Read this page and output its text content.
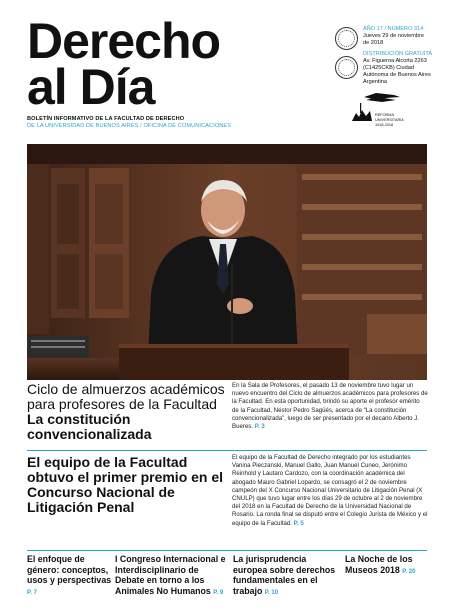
Derecho
al Día
BOLETÍN INFORMATIVO DE LA FACULTAD DE DERECHO
DE LA UNIVERSIDAD DE BUENOS AIRES / OFICINA DE COMUNICACIONES
AÑO 17 / NÚMERO 314
Jueves 29 de noviembre
de 2018
DISTRIBUCIÓN GRATUITA
Av. Figueroa Alcorta 2263
(C1425CKB) Ciudad
Autónoma de Buenos Aires
Argentina
REFORMA
UNIVERSITARIA
1918-2018
Ciclo de almuerzos académicos
para profesores de la Facultad
La constitución
convencionalizada
En la Sala de Profesores, el pasado 13 de noviembre tuvo lugar un nuevo encuentro del Ciclo de almuerzos académicos para profesores de la Facultad. En esta oportunidad, brindó su aporte el profesor emérito de la Facultad, Néstor Pedro Sagüés, acerca de “La constitución convencionalizada”, luego de ser presentado por el decano Alberto J. Bueres. P. 3
El equipo de la Facultad obtuvo el primer premio en el Concurso Nacional de Litigación Penal
El equipo de la Facultad de Derecho integrado por los estudiantes Vanina Pieczanski, Manuel Gallo, Juan Manuel Cuneo, Jerónimo Reinhold y Lautaro Cardozo, con la coordinación académica del abogado Mauro Gabriel Lopardo, se consagró el 2 de noviembre campeón del X Concurso Nacional Universitario de Litigación Penal (X CNULP) que tuvo lugar entre los días 29 de octubre al 2 de noviembre del 2018 en la Facultad de Derecho de la Universidad Nacional de Rosario. La ronda final se disputó entre el Colegio Jurista de México y el equipo de la Facultad. P. 5
El enfoque de género: conceptos, usos y perspectivas P. 7
I Congreso Internacional e Interdisciplinario de Debate en torno a los Animales No Humanos P. 9
La jurisprudencia europea sobre derechos fundamentales en el trabajo P. 10
La Noche de los Museos 2018 P. 20
